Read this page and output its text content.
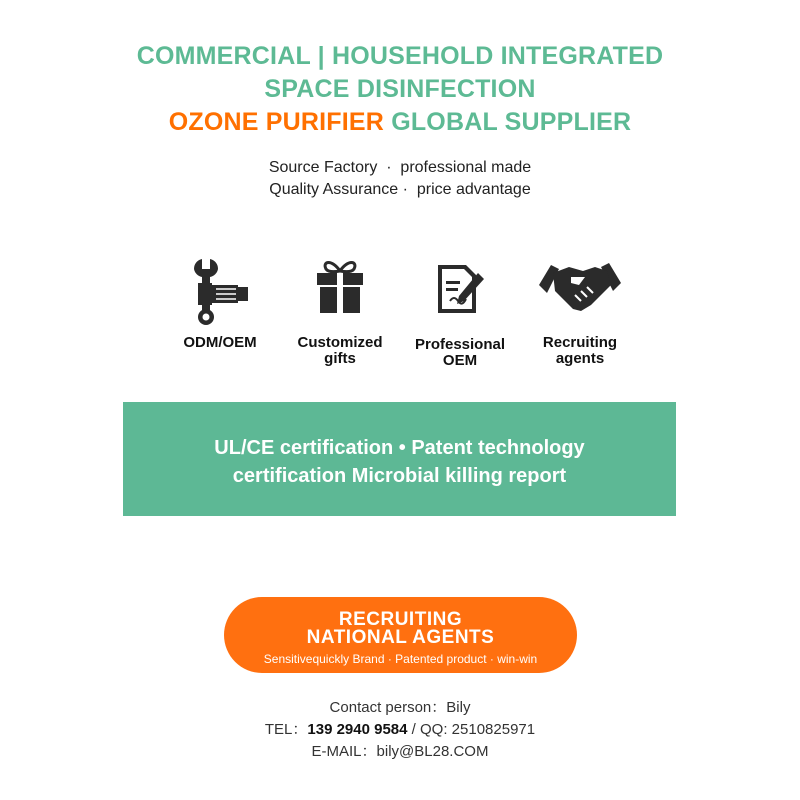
COMMERCIAL | HOUSEHOLD INTEGRATED
SPACE DISINFECTION
OZONE PURIFIER GLOBAL SUPPLIER
Source Factory  ·  professional made
Quality Assurance ·  price advantage
ODM/OEM	Customized
gifts
Professional
OEM
Recruiting
agents
UL/CE certification • Patent technology
certification Microbial killing report
RECRUITING
NATIONAL AGENTS
Sensitivequickly Brand · Patented product · win-win
Contact person：Bily
TEL：139 2940 9584 / QQ: 2510825971
E-MAIL：bily@BL28.COM
